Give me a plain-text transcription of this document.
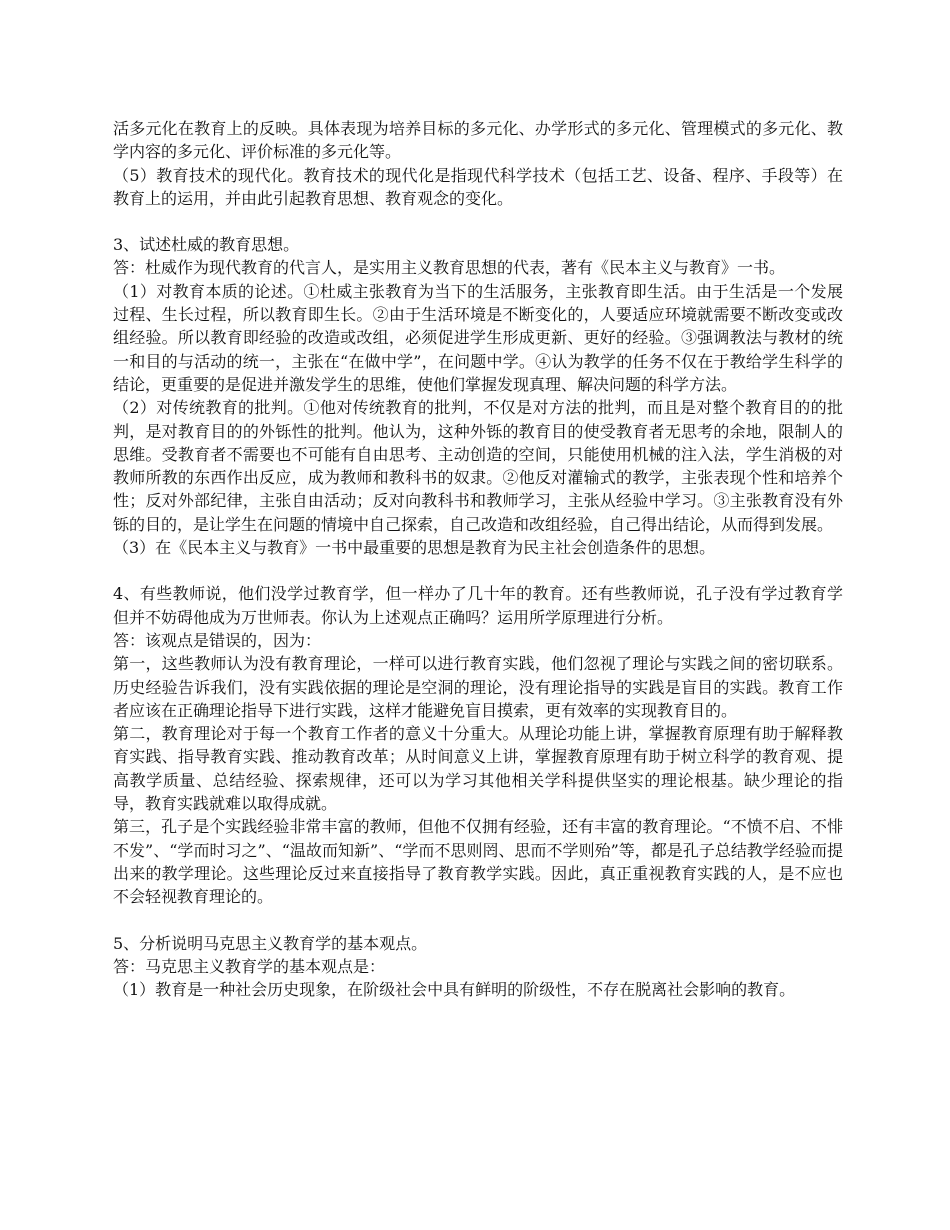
活多元化在教育上的反映。具体表现为培养目标的多元化、办学形式的多元化、管理模式的多元化、教学内容的多元化、评价标准的多元化等。

（5）教育技术的现代化。教育技术的现代化是指现代科学技术（包括工艺、设备、程序、手段等）在教育上的运用，并由此引起教育思想、教育观念的变化。

3、试述杜威的教育思想。

答：杜威作为现代教育的代言人，是实用主义教育思想的代表，著有《民本主义与教育》一书。

（1）对教育本质的论述。①杜威主张教育为当下的生活服务，主张教育即生活。由于生活是一个发展过程、生长过程，所以教育即生长。②由于生活环境是不断变化的，人要适应环境就需要不断改变或改组经验。所以教育即经验的改造或改组，必须促进学生形成更新、更好的经验。③强调教法与教材的统一和目的与活动的统一，主张在“在做中学”，在问题中学。④认为教学的任务不仅在于教给学生科学的结论，更重要的是促进并激发学生的思维，使他们掌握发现真理、解决问题的科学方法。

（2）对传统教育的批判。①他对传统教育的批判，不仅是对方法的批判，而且是对整个教育目的的批判，是对教育目的的外铄性的批判。他认为，这种外铄的教育目的使受教育者无思考的余地，限制人的思维。受教育者不需要也不可能有自由思考、主动创造的空间，只能使用机械的注入法，学生消极的对教师所教的东西作出反应，成为教师和教科书的奴隶。②他反对灌输式的教学，主张表现个性和培养个性；反对外部纪律，主张自由活动；反对向教科书和教师学习，主张从经验中学习。③主张教育没有外铄的目的，是让学生在问题的情境中自己探索，自己改造和改组经验，自己得出结论，从而得到发展。

（3）在《民本主义与教育》一书中最重要的思想是教育为民主社会创造条件的思想。

4、有些教师说，他们没学过教育学，但一样办了几十年的教育。还有些教师说，孔子没有学过教育学但并不妨碍他成为万世师表。你认为上述观点正确吗？运用所学原理进行分析。

答：该观点是错误的，因为：

第一，这些教师认为没有教育理论，一样可以进行教育实践，他们忽视了理论与实践之间的密切联系。历史经验告诉我们，没有实践依据的理论是空洞的理论，没有理论指导的实践是盲目的实践。教育工作者应该在正确理论指导下进行实践，这样才能避免盲目摸索，更有效率的实现教育目的。

第二，教育理论对于每一个教育工作者的意义十分重大。从理论功能上讲，掌握教育原理有助于解释教育实践、指导教育实践、推动教育改革；从时间意义上讲，掌握教育原理有助于树立科学的教育观、提高教学质量、总结经验、探索规律，还可以为学习其他相关学科提供坚实的理论根基。缺少理论的指导，教育实践就难以取得成就。

第三，孔子是个实践经验非常丰富的教师，但他不仅拥有经验，还有丰富的教育理论。“不愤不启、不悱不发”、“学而时习之”、“温故而知新”、“学而不思则罔、思而不学则殆”等，都是孔子总结教学经验而提出来的教学理论。这些理论反过来直接指导了教育教学实践。因此，真正重视教育实践的人，是不应也不会轻视教育理论的。

5、分析说明马克思主义教育学的基本观点。

答：马克思主义教育学的基本观点是：

（1）教育是一种社会历史现象，在阶级社会中具有鲜明的阶级性，不存在脱离社会影响的教育。
